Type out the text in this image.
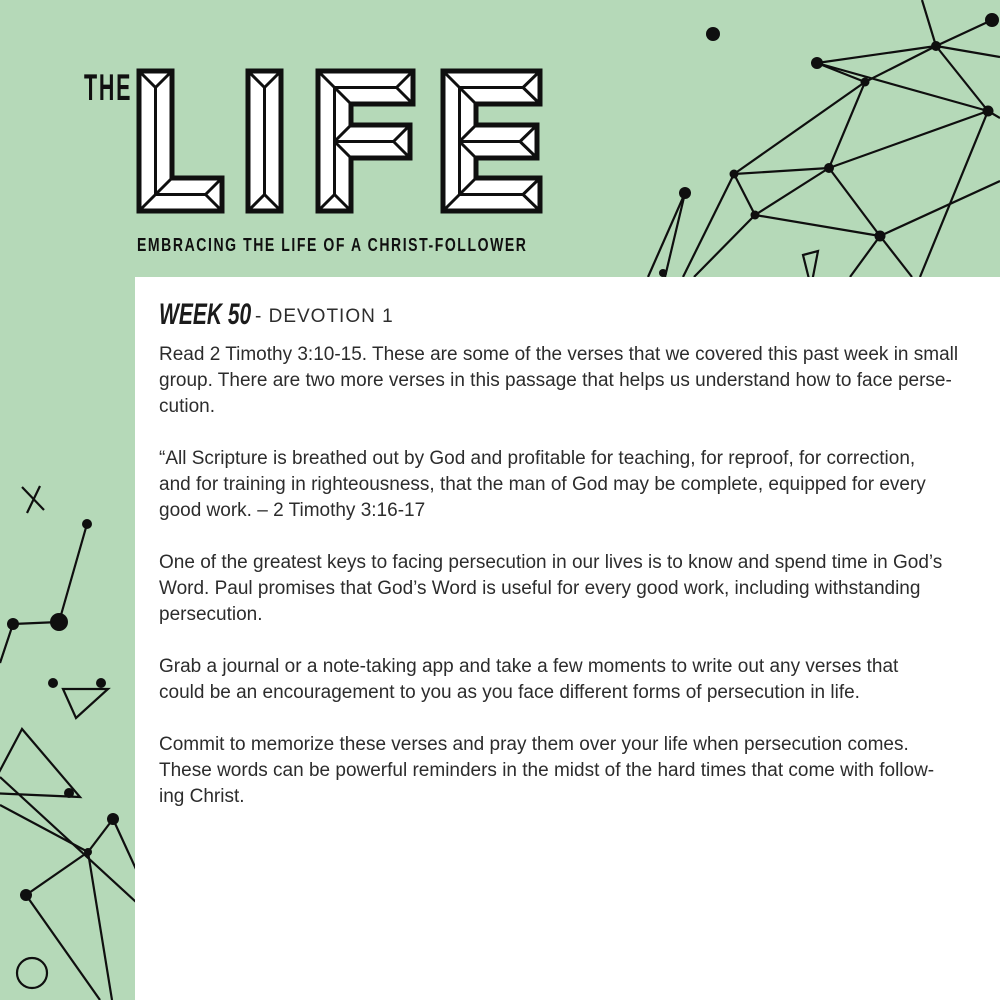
THE
EMBRACING THE LIFE OF A CHRIST-FOLLOWER
WEEK 50 - DEVOTION 1

Read 2 Timothy 3:10-15. These are some of the verses that we covered this past week in small
group. There are two more verses in this passage that helps us understand how to face perse-
cution.

“All Scripture is breathed out by God and profitable for teaching, for reproof, for correction,
and for training in righteousness, that the man of God may be complete, equipped for every
good work. – 2 Timothy 3:16-17

One of the greatest keys to facing persecution in our lives is to know and spend time in God’s
Word. Paul promises that God’s Word is useful for every good work, including withstanding
persecution.

Grab a journal or a note-taking app and take a few moments to write out any verses that
could be an encouragement to you as you face different forms of persecution in life.

Commit to memorize these verses and pray them over your life when persecution comes.
These words can be powerful reminders in the midst of the hard times that come with follow-
ing Christ.
